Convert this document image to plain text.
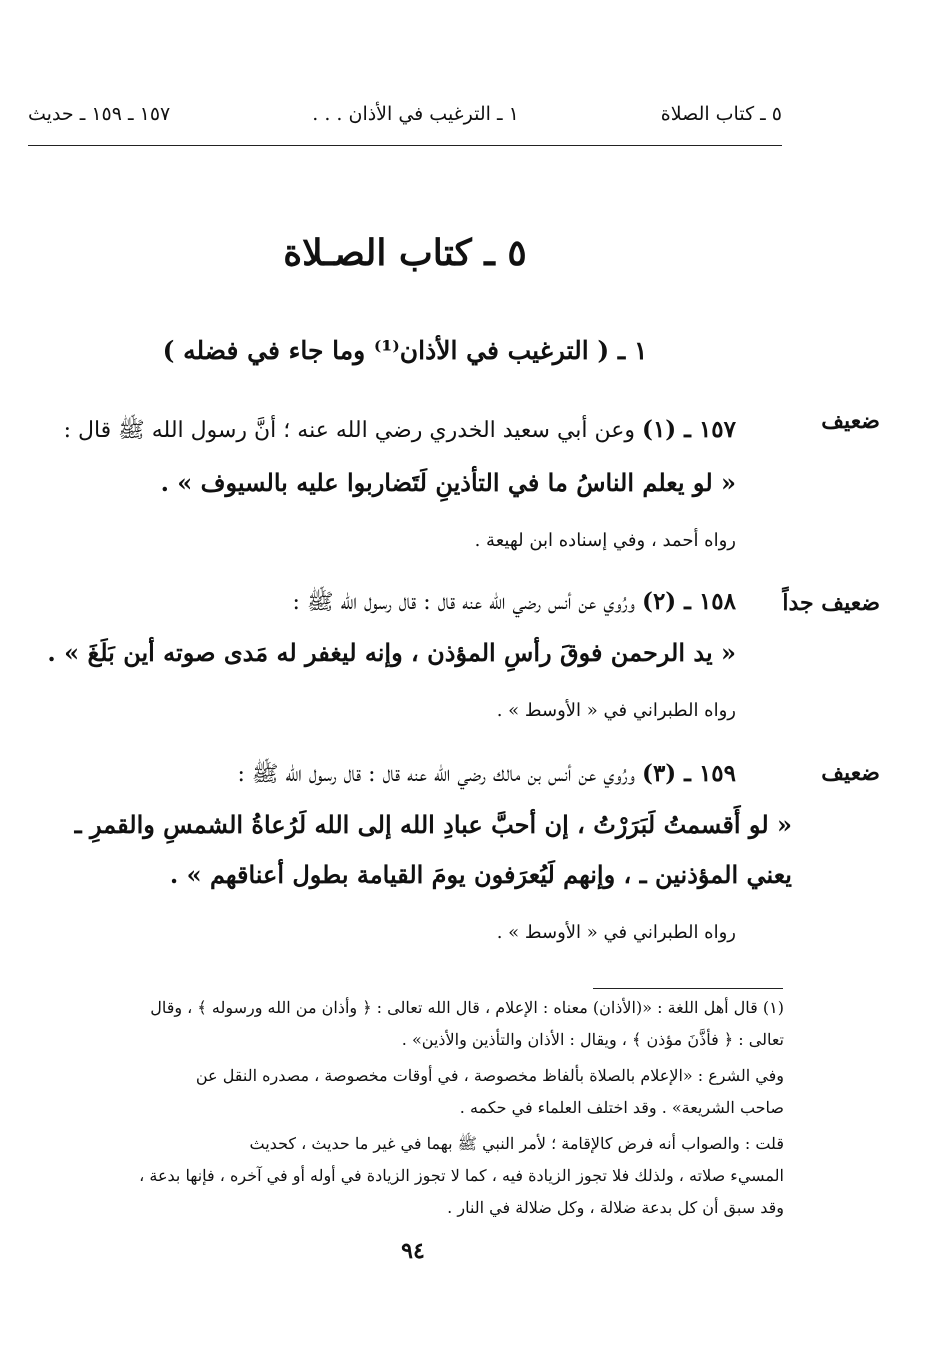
٥ ـ كتاب الصلاة
١ ـ الترغيب في الأذان . . .
١٥٧ ـ ١٥٩ ـ حديث
٥ ـ كتاب الصـلاة
١ ـ ( الترغيب في الأذان⁽¹⁾ وما جاء في فضله )
ضعيف
١٥٧ ـ (١) وعن أبي سعيد الخدري رضي الله عنه ؛ أنَّ رسول الله ﷺ قال :
« لو يعلم الناسُ ما في التأذينِ لَتَضاربوا عليه بالسيوف » .
رواه أحمد ، وفي إسناده ابن لهيعة .
ضعيف جداً
١٥٨ ـ (٢) ورُوي عن أنس رضي الله عنه قال : قال رسول الله ﷺ :
« يد الرحمن فوقَ رأسِ المؤذن ، وإنه ليغفر له مَدى صوته أين بَلَغَ » .
رواه الطبراني في « الأوسط » .
ضعيف
١٥٩ ـ (٣) ورُوي عن أنس بن مالك رضي الله عنه قال : قال رسول الله ﷺ :
« لو أَقسمتُ لَبَرَرْتُ ، إن أحبَّ عبادِ الله إلى الله لَرُعاةُ الشمسِ والقمرِ ـ
يعني المؤذنين ـ ، وإنهم لَيُعرَفون يومَ القيامة بطول أعناقهم » .
رواه الطبراني في « الأوسط » .
(١) قال أهل اللغة : «(الأذان) معناه : الإعلام ، قال الله تعالى : ﴿ وأذان من الله ورسوله ﴾ ، وقال
تعالى : ﴿ فأذَّنَ مؤذن ﴾ ، ويقال : الأذان والتأذين والأذين» .
وفي الشرع : «الإعلام بالصلاة بألفاظ مخصوصة ، في أوقات مخصوصة ، مصدره النقل عن
صاحب الشريعة» . وقد اختلف العلماء في حكمه .
قلت : والصواب أنه فرض كالإقامة ؛ لأمر النبي ﷺ بهما في غير ما حديث ، كحديث
المسيء صلاته ، ولذلك فلا تجوز الزيادة فيه ، كما لا تجوز الزيادة في أوله أو في آخره ، فإنها بدعة ،
وقد سبق أن كل بدعة ضلالة ، وكل ضلالة في النار .
٩٤
